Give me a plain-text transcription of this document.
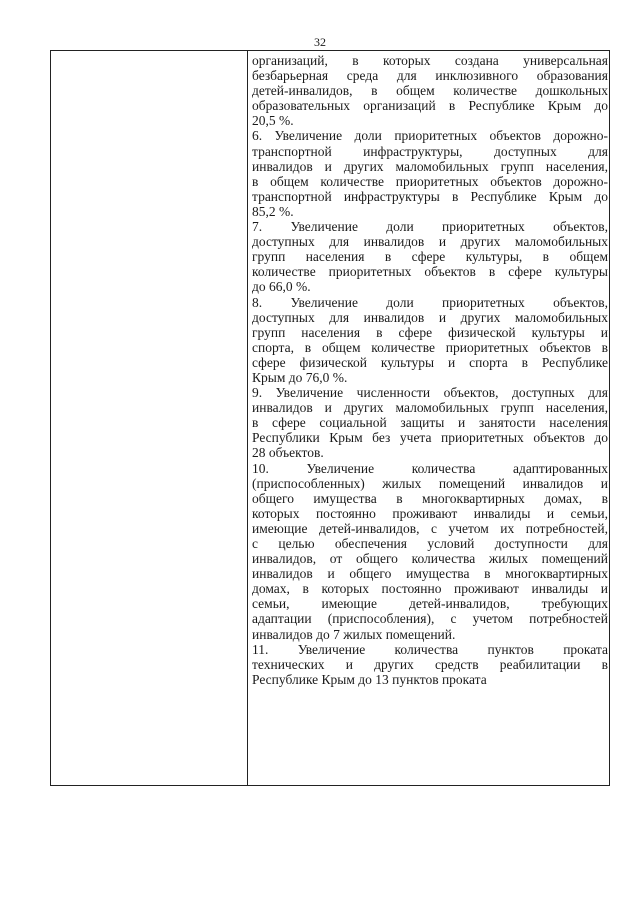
32
организаций, в которых создана универсальная
безбарьерная среда для инклюзивного образования
детей-инвалидов, в общем количестве дошкольных
образовательных организаций в Республике Крым до
20,5 %.
6. Увеличение доли приоритетных объектов дорожно-
транспортной инфраструктуры, доступных для
инвалидов и других маломобильных групп населения,
в общем количестве приоритетных объектов дорожно-
транспортной инфраструктуры в Республике Крым до
85,2 %.
7. Увеличение доли приоритетных объектов,
доступных для инвалидов и других маломобильных
групп населения в сфере культуры, в общем
количестве приоритетных объектов в сфере культуры
до 66,0 %.
8. Увеличение доли приоритетных объектов,
доступных для инвалидов и других маломобильных
групп населения в сфере физической культуры и
спорта, в общем количестве приоритетных объектов в
сфере физической культуры и спорта в Республике
Крым до 76,0 %.
9. Увеличение численности объектов, доступных для
инвалидов и других маломобильных групп населения,
в сфере социальной защиты и занятости населения
Республики Крым без учета приоритетных объектов до
28 объектов.
10. Увеличение количества адаптированных
(приспособленных) жилых помещений инвалидов и
общего имущества в многоквартирных домах, в
которых постоянно проживают инвалиды и семьи,
имеющие детей-инвалидов, с учетом их потребностей,
с целью обеспечения условий доступности для
инвалидов, от общего количества жилых помещений
инвалидов и общего имущества в многоквартирных
домах, в которых постоянно проживают инвалиды и
семьи, имеющие детей-инвалидов, требующих
адаптации (приспособления), с учетом потребностей
инвалидов до 7 жилых помещений.
11. Увеличение количества пунктов проката
технических и других средств реабилитации в
Республике Крым до 13 пунктов проката
